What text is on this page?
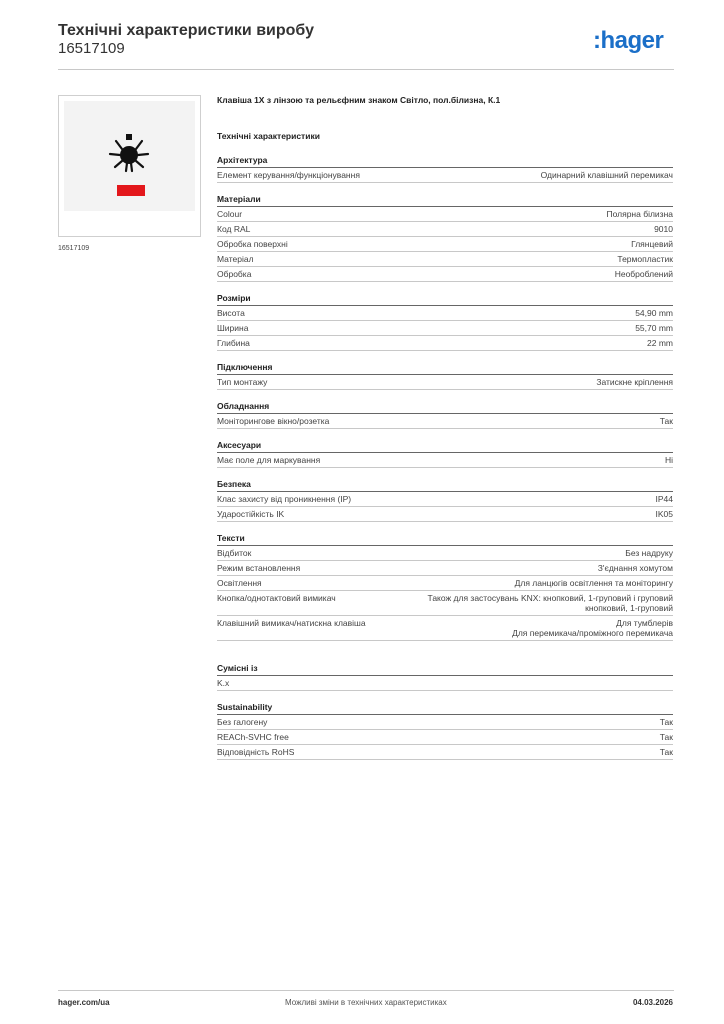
Технічні характеристики виробу
16517109	:hager
16517109
Клавіша 1Х з лінзою та рельєфним знаком Світло, пол.білизна, К.1
Технічні характеристики
Архітектура
Елемент керування/функціонування	Одинарний клавішний перемикач
Матеріали
Colour	Полярна білизна
Код RAL	9010
Обробка поверхні	Глянцевий
Матеріал	Термопластик
Обробка	Необроблений
Розміри
Висота	54,90 mm
Ширина	55,70 mm
Глибина	22 mm
Підключення
Тип монтажу	Затискне кріплення
Обладнання
Моніторингове вікно/розетка	Так
Аксесуари
Має поле для маркування	Ні
Безпека
Клас захисту від проникнення (IP)	IP44
Ударостійкість IK	IK05
Тексти
Відбиток	Без надруку
Режим встановлення	З'єднання хомутом
Освітлення	Для ланцюгів освітлення та моніторингу
Кнопка/однотактовий вимикач	Також для застосувань KNX: кнопковий, 1-груповий і груповий
кнопковий, 1-груповий
Клавішний вимикач/натискна клавіша	Для тумблерів
Для перемикача/проміжного перемикача
Сумісні із
K.x
Sustainability
Без галогену	Так
REACh-SVHC free	Так
Відповідність RoHS	Так
hager.com/ua	Можливі зміни в технічних характеристиках	04.03.2026
